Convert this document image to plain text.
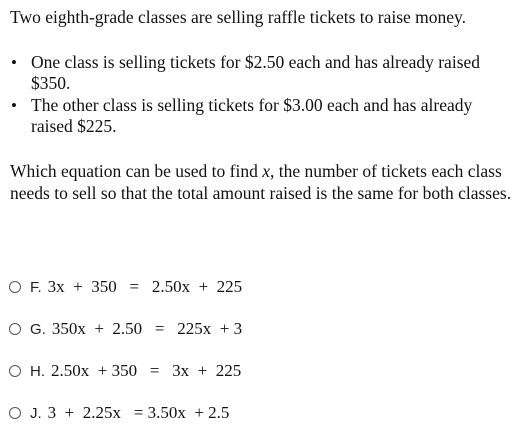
Two eighth-grade classes are selling raffle tickets to raise money.
• One class is selling tickets for $2.50 each and has already raised $350.
• The other class is selling tickets for $3.00 each and has already raised $225.
Which equation can be used to find x, the number of tickets each class needs to sell so that the total amount raised is the same for both classes.
F. 3x  +  350   =   2.50x  +  225
G. 350x  +  2.50   =   225x  + 3
H. 2.50x  + 350   =   3x  +  225
J. 3  +  2.25x   = 3.50x  + 2.5
